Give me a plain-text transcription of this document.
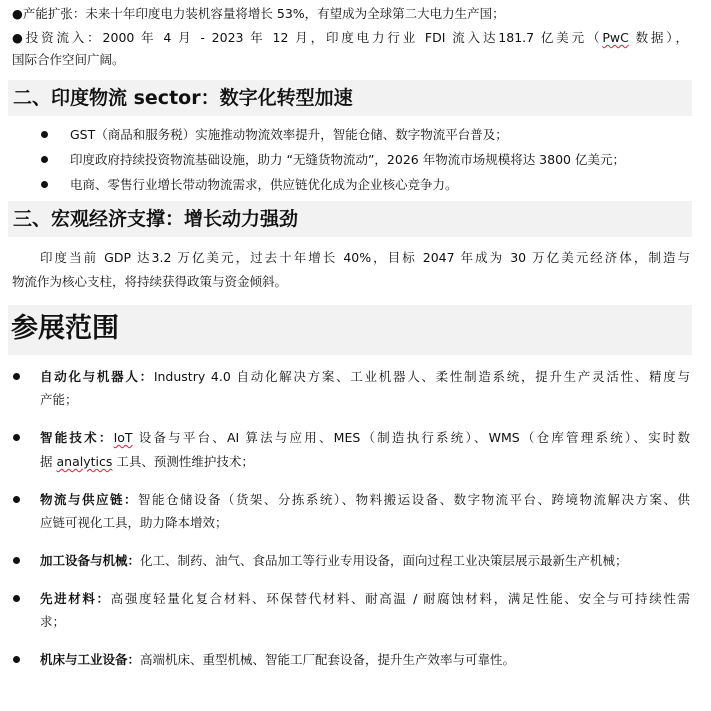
●产能扩张：未来十年印度电力装机容量将增长 53%，有望成为全球第二大电力生产国；
●投资流入：2000 年 4 月 - 2023 年 12 月，印度电力行业 FDI 流入达181.7 亿美元（PwC 数据），
国际合作空间广阔。
二、印度物流 sector：数字化转型加速
GST（商品和服务税）实施推动物流效率提升，智能仓储、数字物流平台普及；
印度政府持续投资物流基础设施，助力 “无缝货物流动”，2026 年物流市场规模将达 3800 亿美元；
电商、零售行业增长带动物流需求，供应链优化成为企业核心竞争力。
三、宏观经济支撑：增长动力强劲
印度当前 GDP 达3.2 万亿美元，过去十年增长 40%，目标 2047 年成为 30 万亿美元经济体，制造与
物流作为核心支柱，将持续获得政策与资金倾斜。
参展范围
自动化与机器人：Industry 4.0 自动化解决方案、工业机器人、柔性制造系统，提升生产灵活性、精度与
产能；
智能技术：IoT 设备与平台、AI 算法与应用、MES（制造执行系统）、WMS（仓库管理系统）、实时数
据 analytics 工具、预测性维护技术；
物流与供应链：智能仓储设备（货架、分拣系统）、物料搬运设备、数字物流平台、跨境物流解决方案、供
应链可视化工具，助力降本增效；
加工设备与机械：化工、制药、油气、食品加工等行业专用设备，面向过程工业决策层展示最新生产机械；
先进材料：高强度轻量化复合材料、环保替代材料、耐高温 / 耐腐蚀材料，满足性能、安全与可持续性需
求；
机床与工业设备：高端机床、重型机械、智能工厂配套设备，提升生产效率与可靠性。
